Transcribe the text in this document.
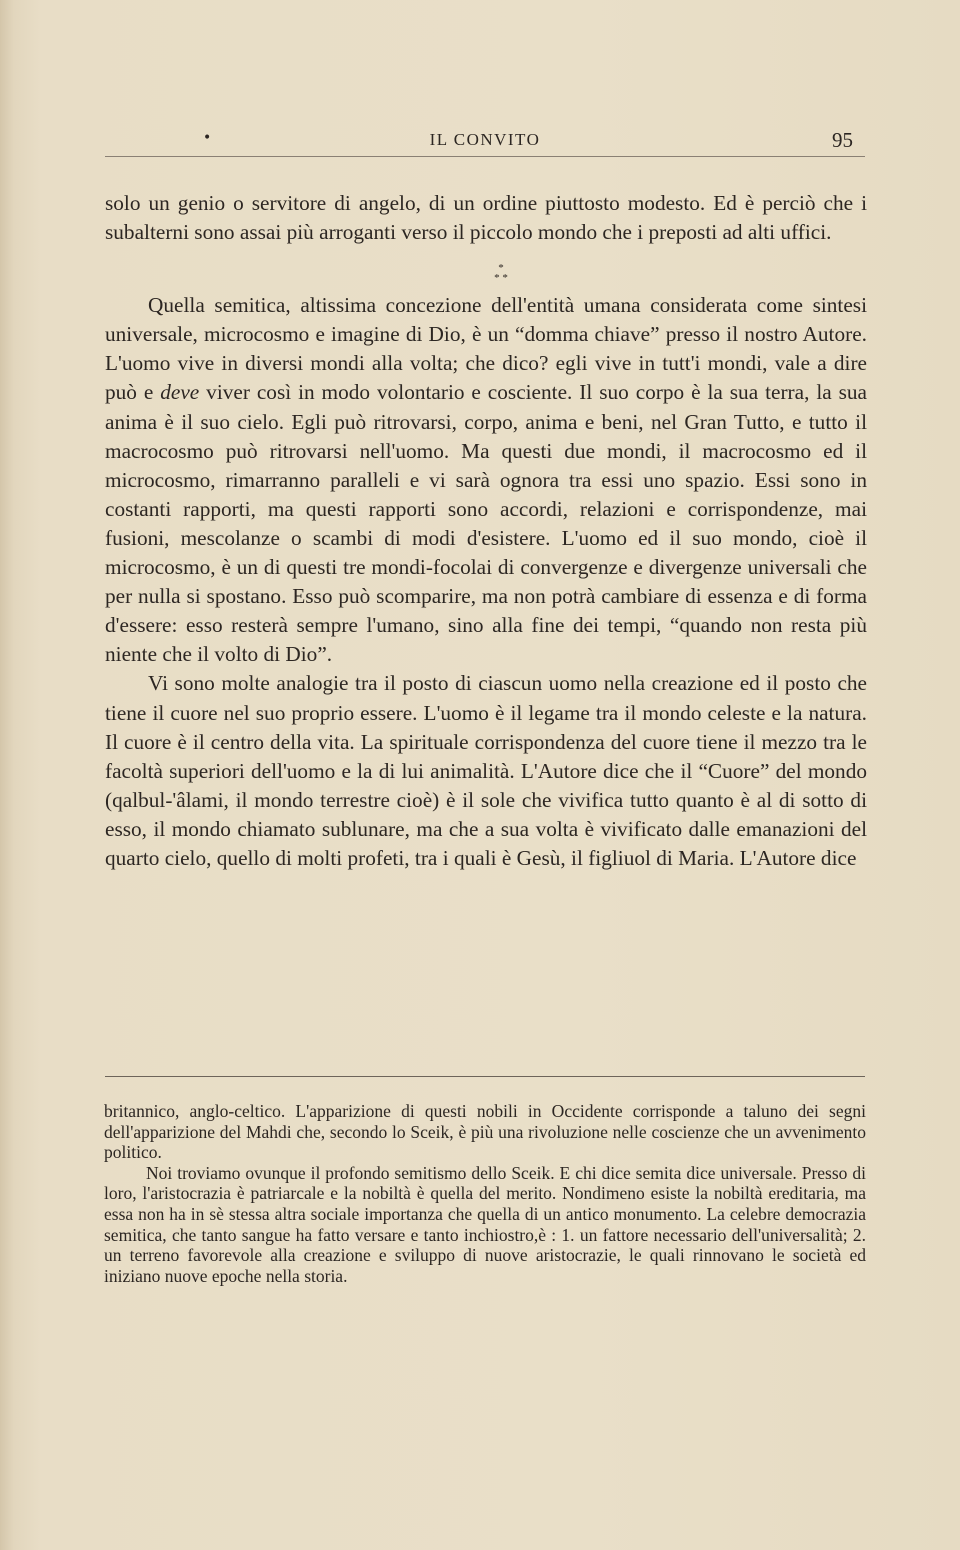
•	IL CONVITO	95

solo un genio o servitore di angelo, di un ordine piuttosto modesto. Ed è perciò che i subalterni sono assai più arroganti verso il piccolo mondo che i preposti ad alti uffici.

*
* *

Quella semitica, altissima concezione dell'entità umana considerata come sintesi universale, microcosmo e imagine di Dio, è un “domma chiave” presso il nostro Autore. L'uomo vive in diversi mondi alla volta; che dico? egli vive in tutt'i mondi, vale a dire può e deve viver così in modo volontario e cosciente. Il suo corpo è la sua terra, la sua anima è il suo cielo. Egli può ritrovarsi, corpo, anima e beni, nel Gran Tutto, e tutto il macrocosmo può ritrovarsi nell'uomo. Ma questi due mondi, il macrocosmo ed il microcosmo, rimarranno paralleli e vi sarà ognora tra essi uno spazio. Essi sono in costanti rapporti, ma questi rapporti sono accordi, relazioni e corrispondenze, mai fusioni, mescolanze o scambi di modi d'esistere. L'uomo ed il suo mondo, cioè il microcosmo, è un di questi tre mondi-focolai di convergenze e divergenze universali che per nulla si spostano. Esso può scomparire, ma non potrà cambiare di essenza e di forma d'essere: esso resterà sempre l'umano, sino alla fine dei tempi, “quando non resta più niente che il volto di Dio”.

Vi sono molte analogie tra il posto di ciascun uomo nella creazione ed il posto che tiene il cuore nel suo proprio essere. L'uomo è il legame tra il mondo celeste e la natura. Il cuore è il centro della vita. La spirituale corrispondenza del cuore tiene il mezzo tra le facoltà superiori dell'uomo e la di lui animalità. L'Autore dice che il “Cuore” del mondo (qalbul-'âlami, il mondo terrestre cioè) è il sole che vivifica tutto quanto è al di sotto di esso, il mondo chiamato sublunare, ma che a sua volta è vivificato dalle emanazioni del quarto cielo, quello di molti profeti, tra i quali è Gesù, il figliuol di Maria. L'Autore dice

britannico, anglo-celtico. L'apparizione di questi nobili in Occidente corrisponde a taluno dei segni dell'apparizione del Mahdi che, secondo lo Sceik, è più una rivoluzione nelle coscienze che un avvenimento politico.

Noi troviamo ovunque il profondo semitismo dello Sceik. E chi dice semita dice universale. Presso di loro, l'aristocrazia è patriarcale e la nobiltà è quella del merito. Nondimeno esiste la nobiltà ereditaria, ma essa non ha in sè stessa altra sociale importanza che quella di un antico monumento. La celebre democrazia semitica, che tanto sangue ha fatto versare e tanto inchiostro,è : 1. un fattore necessario dell'universalità; 2. un terreno favorevole alla creazione e sviluppo di nuove aristocrazie, le quali rinnovano le società ed iniziano nuove epoche nella storia.
